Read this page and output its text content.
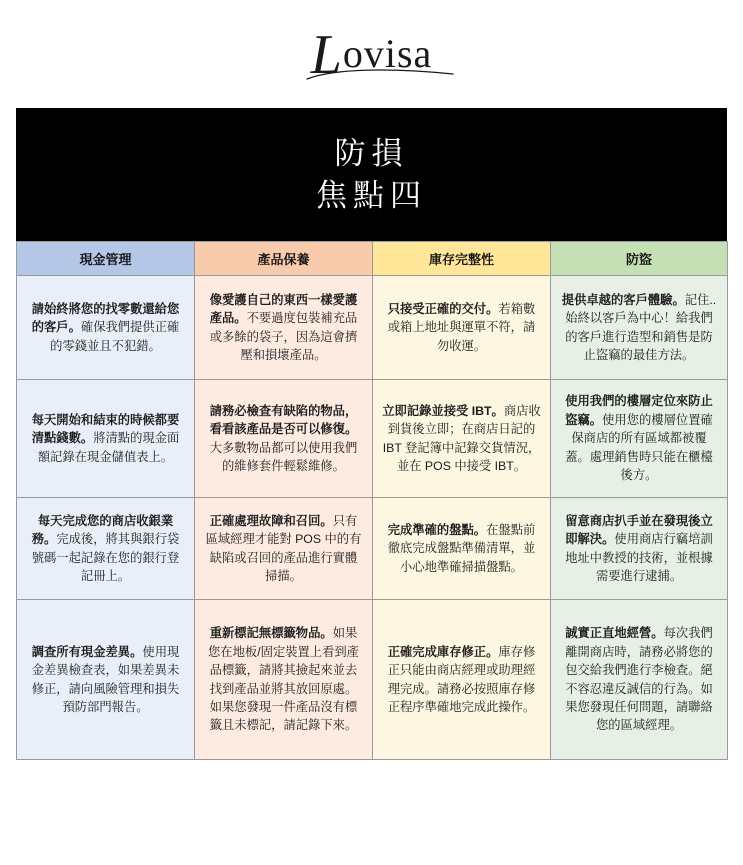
Lovisa
防損
焦點四
現金管理	產品保養	庫存完整性	防盜

請始終將您的找零數還給您的客戶。確保我們提供正確的零錢並且不犯錯。	像愛護自己的東西一樣愛護產品。不要過度包裝補充品或多餘的袋子，因為這會擠壓和損壞產品。	只接受正確的交付。若箱數或箱上地址與運單不符，請勿收運。	提供卓越的客戶體驗。記住..始終以客戶為中心！給我們的客戶進行造型和銷售是防止盜竊的最佳方法。

每天開始和結束的時候都要清點錢數。將清點的現金面額記錄在現金儲值表上。	請務必檢查有缺陷的物品，看看該產品是否可以修復。大多數物品都可以使用我們的維修套件輕鬆維修。	立即記錄並接受 IBT。商店收到貨後立即；在商店日記的 IBT 登記簿中記錄交貨情況，並在 POS 中接受 IBT。	使用我們的樓層定位來防止盜竊。使用您的樓層位置確保商店的所有區域都被覆蓋。處理銷售時只能在櫃檯後方。

每天完成您的商店收銀業務。完成後，將其與銀行袋號碼一起記錄在您的銀行登記冊上。	正確處理故障和召回。只有區域經理才能對 POS 中的有缺陷或召回的產品進行實體掃描。	完成準確的盤點。在盤點前徹底完成盤點準備清單，並小心地準確掃描盤點。	留意商店扒手並在發現後立即解決。使用商店行竊培訓地址中教授的技術，並根據需要進行逮捕。

調查所有現金差異。使用現金差異檢查表，如果差異未修正，請向風險管理和損失預防部門報告。	重新標記無標籤物品。如果您在地板/固定裝置上看到產品標籤，請將其撿起來並去找到產品並將其放回原處。如果您發現一件產品沒有標籤且未標記，請記錄下來。	正確完成庫存修正。庫存修正只能由商店經理或助理經理完成。請務必按照庫存修正程序準確地完成此操作。	誠實正直地經營。每次我們離開商店時，請務必將您的包交給我們進行李檢查。絕不容忍違反誠信的行為。如果您發現任何問題，請聯絡您的區域經理。
